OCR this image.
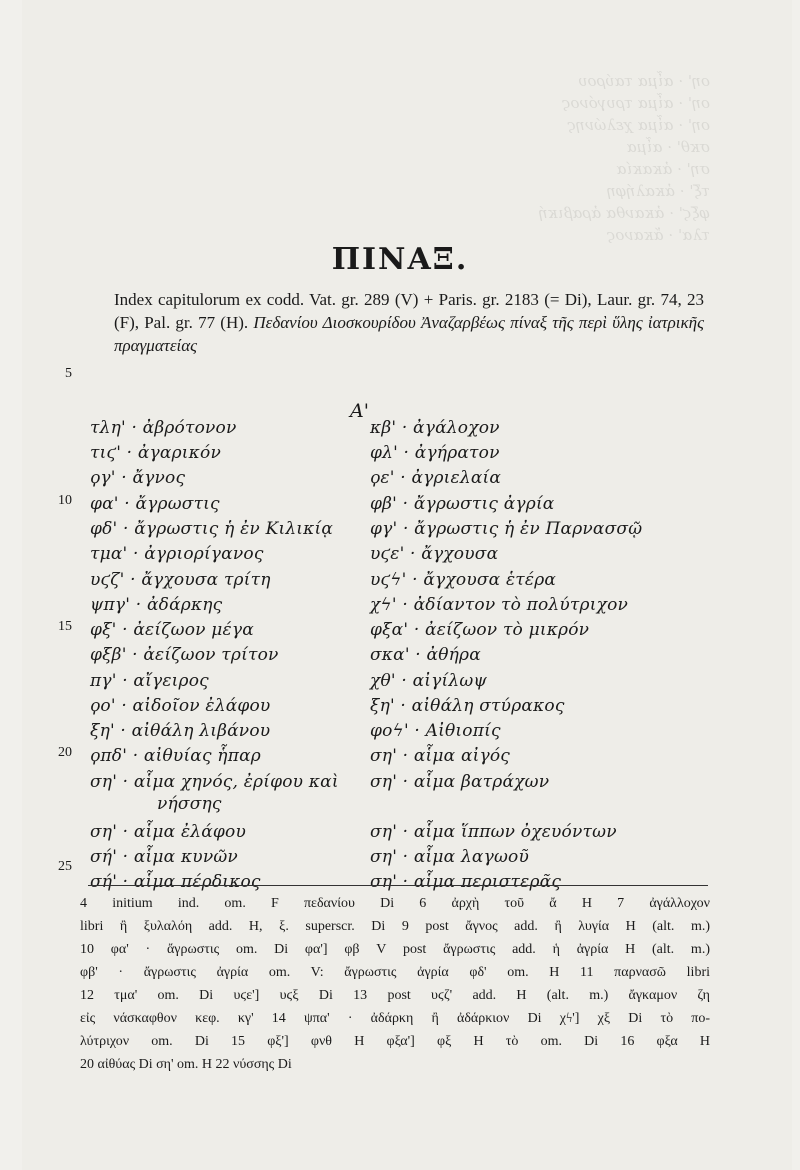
οη' · αἷμα ταύρου
οη' · αἷμα τρυγόνος
οη' · αἷμα χελώνης
σκθ' · αἷμα
ση' · ἀκακία
τξ' · ἀκαλήφη
φξϛ' · ἀκανθα ἀραβική
τλα' · ἄκανος
ΠΙΝΑΞ.
Index capitulorum ex codd. Vat. gr. 289 (V) + Paris. gr. 2183 (= Di), Laur. gr. 74, 23 (F), Pal. gr. 77 (H). Πεδανίου Διοσκουρίδου Ἀναζαρβέως πίναξ τῆς περὶ ὕλης ἰατρικῆς πραγματείας
5
10
15
20
25
Α'
τλη' · ἀβρότονον
τιϛ' · ἀγαρικόν
ϙγ' · ἄγνος
φα' · ἄγρωστις
φδ' · ἄγρωστις ἡ ἐν Κιλικίᾳ
τμα' · ἀγριορίγανος
υϛζ' · ἄγχουσα τρίτη
ψπγ' · ἀδάρκης
φξ' · ἀείζωον μέγα
φξβ' · ἀείζωον τρίτον
πγ' · αἴγειρος
ϙο' · αἰδοῖον ἐλάφου
ξη' · αἰθάλη λιβάνου
ϙπδ' · αἰθυίας ἧπαρ
ση' · αἷμα χηνός, ἐρίφου καὶ
νήσσης
ση' · αἷμα ἐλάφου
σή' · αἷμα κυνῶν
σή' · αἷμα πέρδικος
κβ' · ἀγάλοχον
φλ' · ἀγήρατον
ϙε' · ἀγριελαία
φβ' · ἄγρωστις ἀγρία
φγ' · ἄγρωστις ἡ ἐν Παρνασσῷ
υϛε' · ἄγχουσα
υϛϟ' · ἄγχουσα ἑτέρα
χϟ' · ἀδίαντον τὸ πολύτριχον
φξα' · ἀείζωον τὸ μικρόν
σκα' · ἀθήρα
χθ' · αἰγίλωψ
ξη' · αἰθάλη στύρακος
φοϟ' · Αἰθιοπίς
ση' · αἷμα αἰγός
ση' · αἷμα βατράχων
ση' · αἷμα ἵππων ὀχευόντων
ση' · αἷμα λαγωοῦ
ση' · αἷμα περιστερᾶς
4 initium ind. om. F πεδανίου Di 6 ἀρχὴ τοῦ ἄ H 7 ἀγάλλοχον
libri ἢ ξυλαλόη add. H, ξ. superscr. Di 9 post ἄγνος add. ἢ λυγία H (alt. m.)
10 φα' · ἄγρωστις om. Di φα'] φβ V post ἄγρωστις add. ἡ ἀγρία H (alt. m.)
φβ' · ἄγρωστις ἀγρία om. V: ἄγρωστις ἀγρία φδ' om. H 11 παρνασῶ libri
12 τμα' om. Di υϛε'] υϛξ Di 13 post υϛζ' add. H (alt. m.) ἄγκαμον ζη
εἰς νάσκαφθον κεφ. κγ' 14 ψπα' · ἀδάρκη ἢ ἀδάρκιον Di χϟ'] χξ Di τὸ πο-
λύτριχον om. Di 15 φξ'] φνθ H φξα'] φξ H τὸ om. Di 16 φξα H
20 αἰθύας Di ση' om. H 22 νύσσης Di
